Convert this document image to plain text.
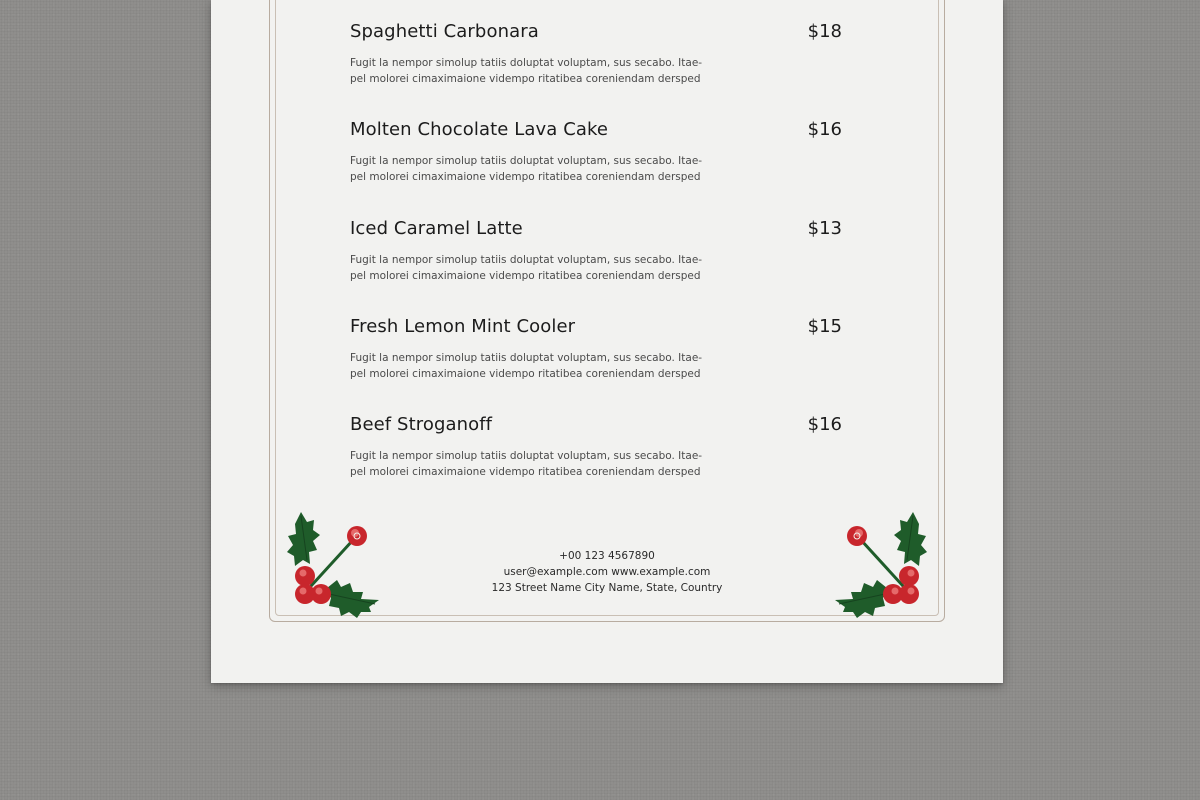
Spaghetti Carbonara	$18
Fugit la nempor simolup tatiis doluptat voluptam, sus secabo. Itae-
pel molorei cimaximaione vidempo ritatibea coreniendam dersped
Molten Chocolate Lava Cake	$16
Fugit la nempor simolup tatiis doluptat voluptam, sus secabo. Itae-
pel molorei cimaximaione vidempo ritatibea coreniendam dersped
Iced Caramel Latte	$13
Fugit la nempor simolup tatiis doluptat voluptam, sus secabo. Itae-
pel molorei cimaximaione vidempo ritatibea coreniendam dersped
Fresh Lemon Mint Cooler	$15
Fugit la nempor simolup tatiis doluptat voluptam, sus secabo. Itae-
pel molorei cimaximaione vidempo ritatibea coreniendam dersped
Beef Stroganoff	$16
Fugit la nempor simolup tatiis doluptat voluptam, sus secabo. Itae-
pel molorei cimaximaione vidempo ritatibea coreniendam dersped
+00 123 4567890
user@example.com www.example.com
123 Street Name City Name, State, Country
